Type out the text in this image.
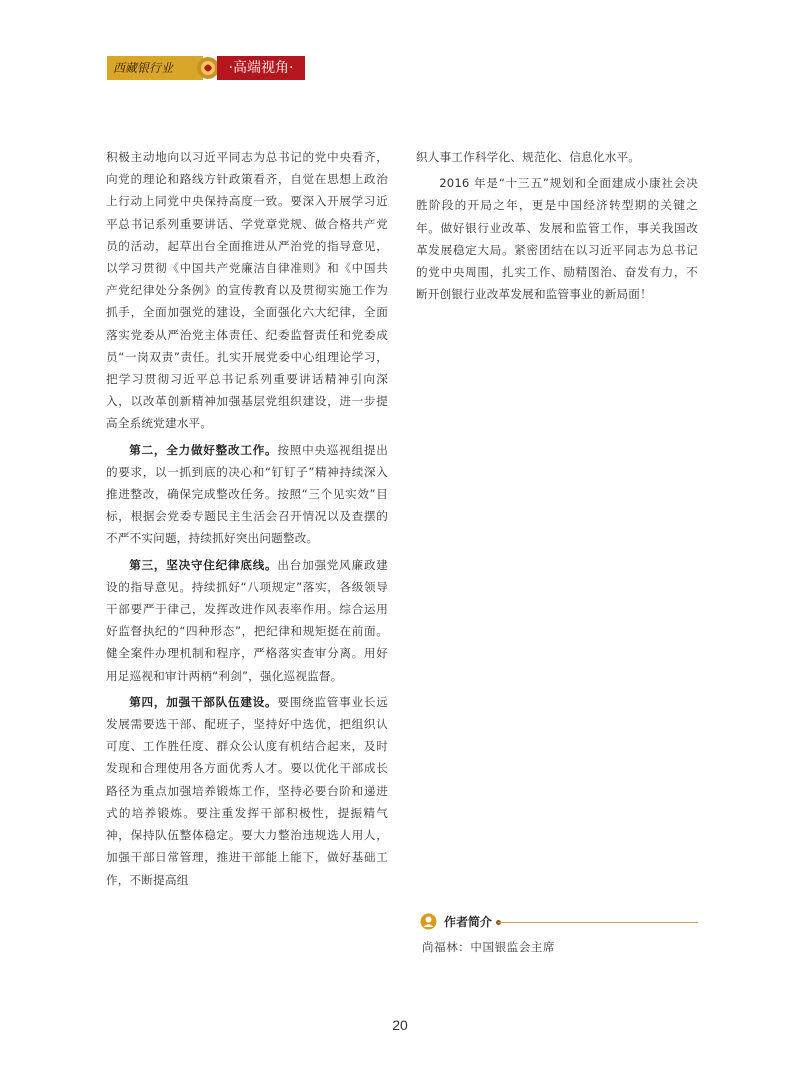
西藏银行业	·高端视角·

积极主动地向以习近平同志为总书记的党中央看齐，向党的理论和路线方针政策看齐，自觉在思想上政治上行动上同党中央保持高度一致。要深入开展学习近平总书记系列重要讲话、学党章党规、做合格共产党员的活动，起草出台全面推进从严治党的指导意见，以学习贯彻《中国共产党廉洁自律准则》和《中国共产党纪律处分条例》的宣传教育以及贯彻实施工作为抓手，全面加强党的建设，全面强化六大纪律，全面落实党委从严治党主体责任、纪委监督责任和党委成员“一岗双责”责任。扎实开展党委中心组理论学习，把学习贯彻习近平总书记系列重要讲话精神引向深入，以改革创新精神加强基层党组织建设，进一步提高全系统党建水平。

第二，全力做好整改工作。按照中央巡视组提出的要求，以一抓到底的决心和“钉钉子”精神持续深入推进整改，确保完成整改任务。按照“三个见实效”目标，根据会党委专题民主生活会召开情况以及查摆的不严不实问题，持续抓好突出问题整改。

第三，坚决守住纪律底线。出台加强党风廉政建设的指导意见。持续抓好“八项规定”落实，各级领导干部要严于律己，发挥改进作风表率作用。综合运用好监督执纪的“四种形态”，把纪律和规矩挺在前面。健全案件办理机制和程序，严格落实查审分离。用好用足巡视和审计两柄“利剑”，强化巡视监督。

第四，加强干部队伍建设。要围绕监管事业长远发展需要选干部、配班子，坚持好中选优，把组织认可度、工作胜任度、群众公认度有机结合起来，及时发现和合理使用各方面优秀人才。要以优化干部成长路径为重点加强培养锻炼工作，坚持必要台阶和递进式的培养锻炼。要注重发挥干部积极性，提振精气神，保持队伍整体稳定。要大力整治违规选人用人，加强干部日常管理，推进干部能上能下，做好基础工作，不断提高组

织人事工作科学化、规范化、信息化水平。

2016 年是“十三五”规划和全面建成小康社会决胜阶段的开局之年，更是中国经济转型期的关键之年。做好银行业改革、发展和监管工作，事关我国改革发展稳定大局。紧密团结在以习近平同志为总书记的党中央周围，扎实工作、励精图治、奋发有力，不断开创银行业改革发展和监管事业的新局面！

作者简介
尚福林：中国银监会主席
20
